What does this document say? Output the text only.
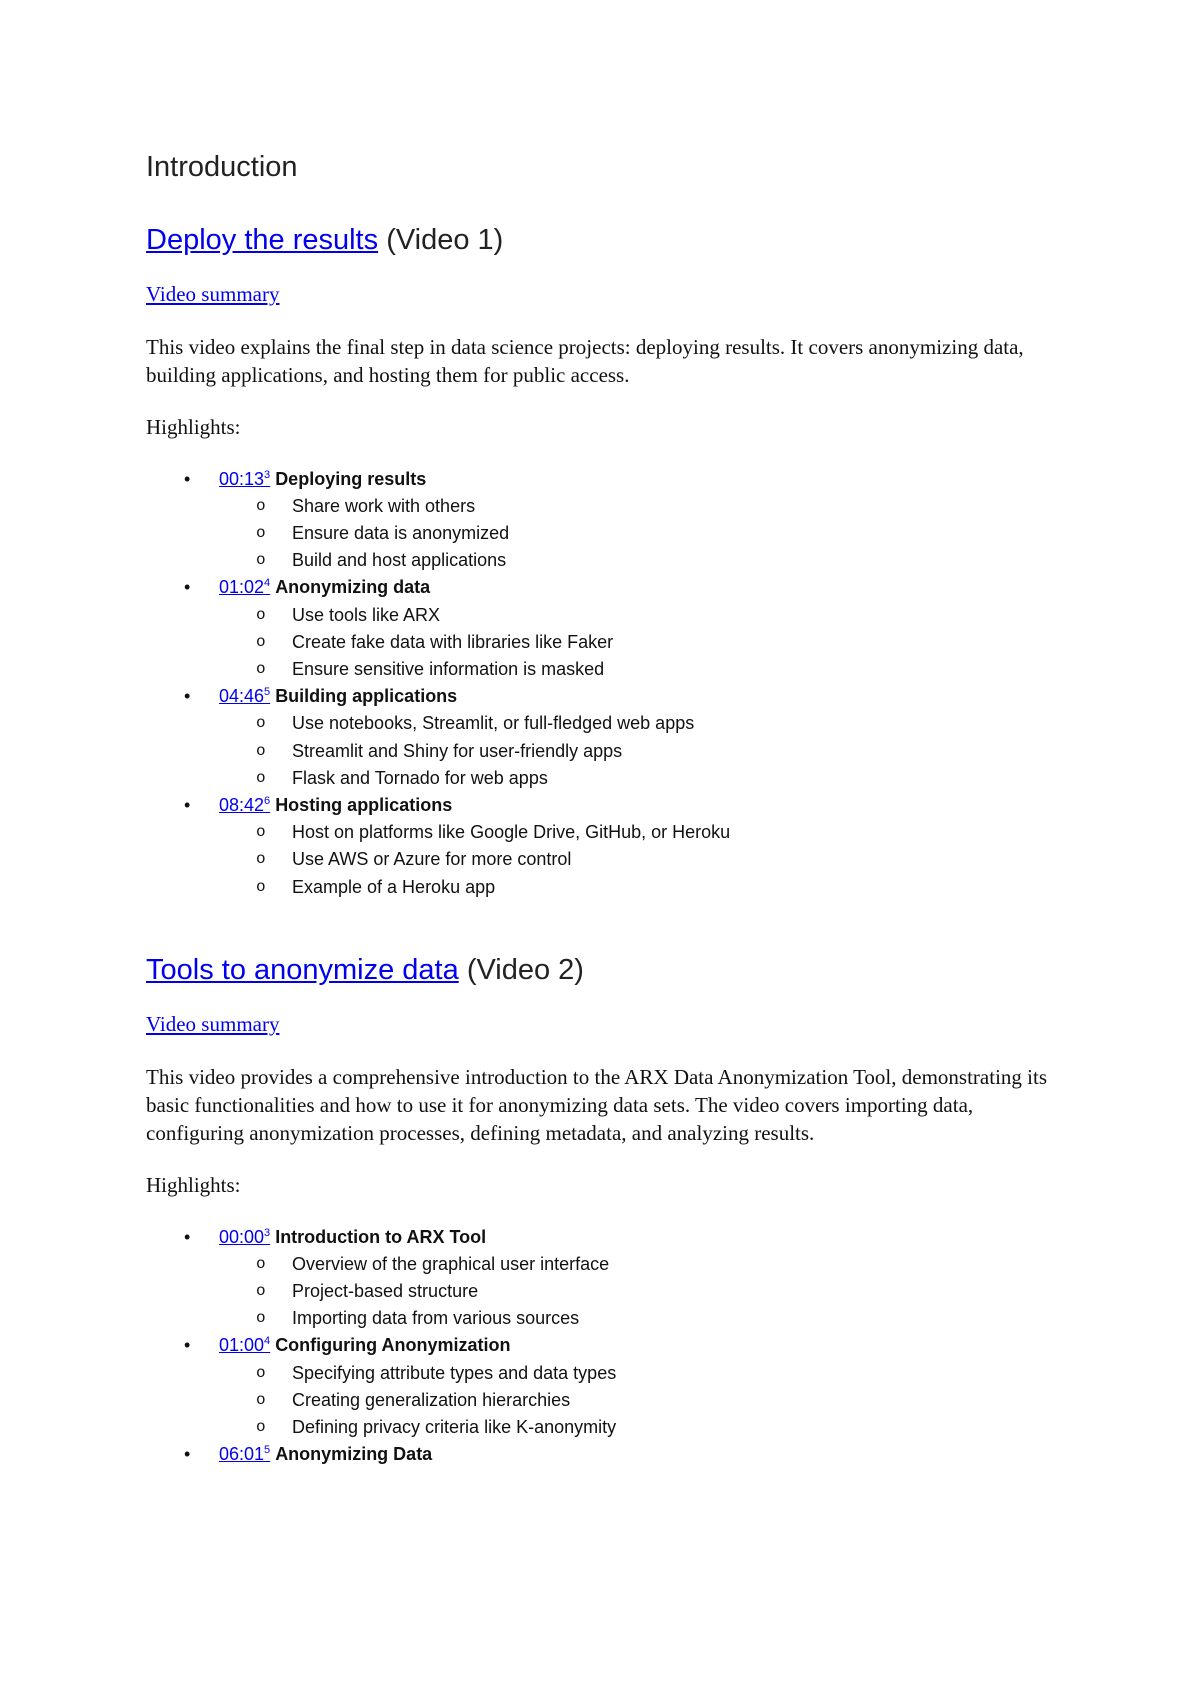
Introduction
Deploy the results (Video 1)
Video summary
This video explains the final step in data science projects: deploying results. It covers anonymizing data, building applications, and hosting them for public access.
Highlights:
• 00:13$^3$ Deploying results
o Share work with others
o Ensure data is anonymized
o Build and host applications
• 01:02$^4$ Anonymizing data
o Use tools like ARX
o Create fake data with libraries like Faker
o Ensure sensitive information is masked
• 04:46$^5$ Building applications
o Use notebooks, Streamlit, or full-fledged web apps
o Streamlit and Shiny for user-friendly apps
o Flask and Tornado for web apps
• 08:42$^6$ Hosting applications
o Host on platforms like Google Drive, GitHub, or Heroku
o Use AWS or Azure for more control
o Example of a Heroku app
Tools to anonymize data (Video 2)
Video summary
This video provides a comprehensive introduction to the ARX Data Anonymization Tool, demonstrating its basic functionalities and how to use it for anonymizing data sets. The video covers importing data, configuring anonymization processes, defining metadata, and analyzing results.
Highlights:
• 00:00$^3$ Introduction to ARX Tool
o Overview of the graphical user interface
o Project-based structure
o Importing data from various sources
• 01:00$^4$ Configuring Anonymization
o Specifying attribute types and data types
o Creating generalization hierarchies
o Defining privacy criteria like K-anonymity
• 06:01$^5$ Anonymizing Data
